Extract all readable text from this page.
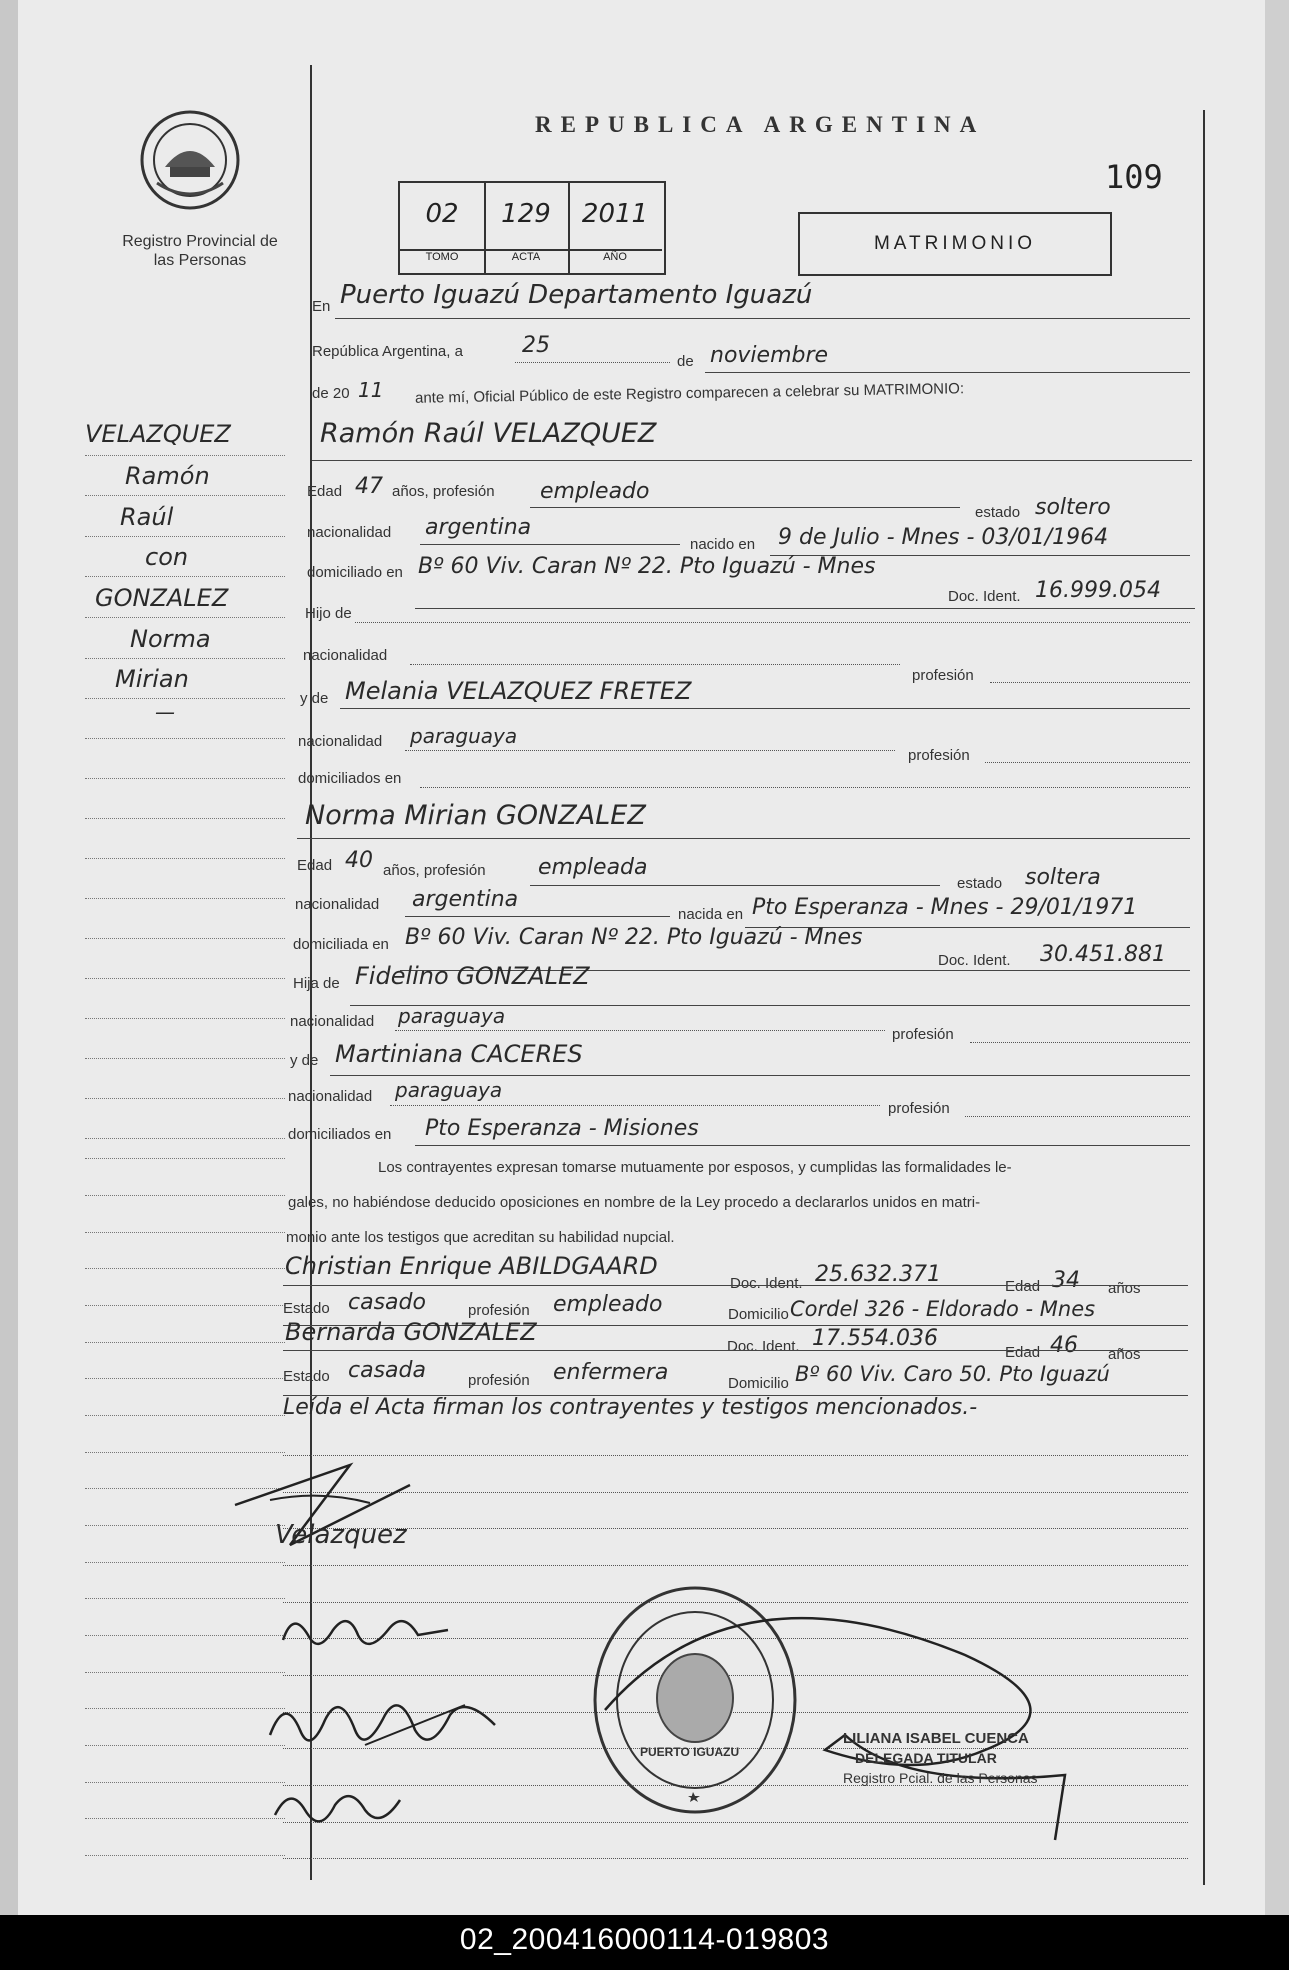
Registro Provincial de las Personas
REPUBLICA ARGENTINA
109
02
TOMO
129
ACTA
2011
AÑO
MATRIMONIO
VELAZQUEZ
Ramón
Raúl
con
GONZALEZ
Norma
Mirian
—
En Puerto Iguazú Departamento Iguazú
República Argentina, a	25
de noviembre
de 20 11 ante mí, Oficial Público de este Registro comparecen a celebrar su MATRIMONIO:
Ramón Raúl VELAZQUEZ
Edad 47 años, profesión empleado
estado soltero
nacionalidad argentina
nacido en 9 de Julio - Mnes - 03/01/1964
domiciliado en Bº 60 Viv. Caran Nº 22. Pto Iguazú - Mnes
Doc. Ident. 16.999.054
Hijo de
nacionalidad
profesión
y de Melania VELAZQUEZ FRETEZ
nacionalidad paraguaya
profesión
domiciliados en
Norma Mirian GONZALEZ
Edad 40 años, profesión empleada
estado soltera
nacionalidad argentina
nacida en Pto Esperanza - Mnes - 29/01/1971
domiciliada en Bº 60 Viv. Caran Nº 22. Pto Iguazú - Mnes
Doc. Ident. 30.451.881
Hija de Fidelino GONZALEZ
nacionalidad paraguaya
profesión
y de Martiniana CACERES
nacionalidad paraguaya
profesión
domiciliados en Pto Esperanza - Misiones
Los contrayentes expresan tomarse mutuamente por esposos, y cumplidas las formalidades le-
gales, no habiéndose deducido oposiciones en nombre de la Ley procedo a declararlos unidos en matri-
monio ante los testigos que acreditan su habilidad nupcial.
Christian Enrique ABILDGAARD
Doc. Ident. 25.632.371	Edad 34 años
Estado casado	profesión empleado	Domicilio Cordel 326 - Eldorado - Mnes
Bernarda GONZALEZ
Doc. Ident. 17.554.036
Edad 46 años
Estado casada	profesión enfermera	Domicilio Bº 60 Viv. Caro 50. Pto Iguazú
Leída el Acta firman los contrayentes y testigos mencionados.-
Velazquez
PUERTO IGUAZU
LILIANA ISABEL CUENCA
DELEGADA TITULAR
Registro Pcial. de las Personas
02_200416000114-019803
